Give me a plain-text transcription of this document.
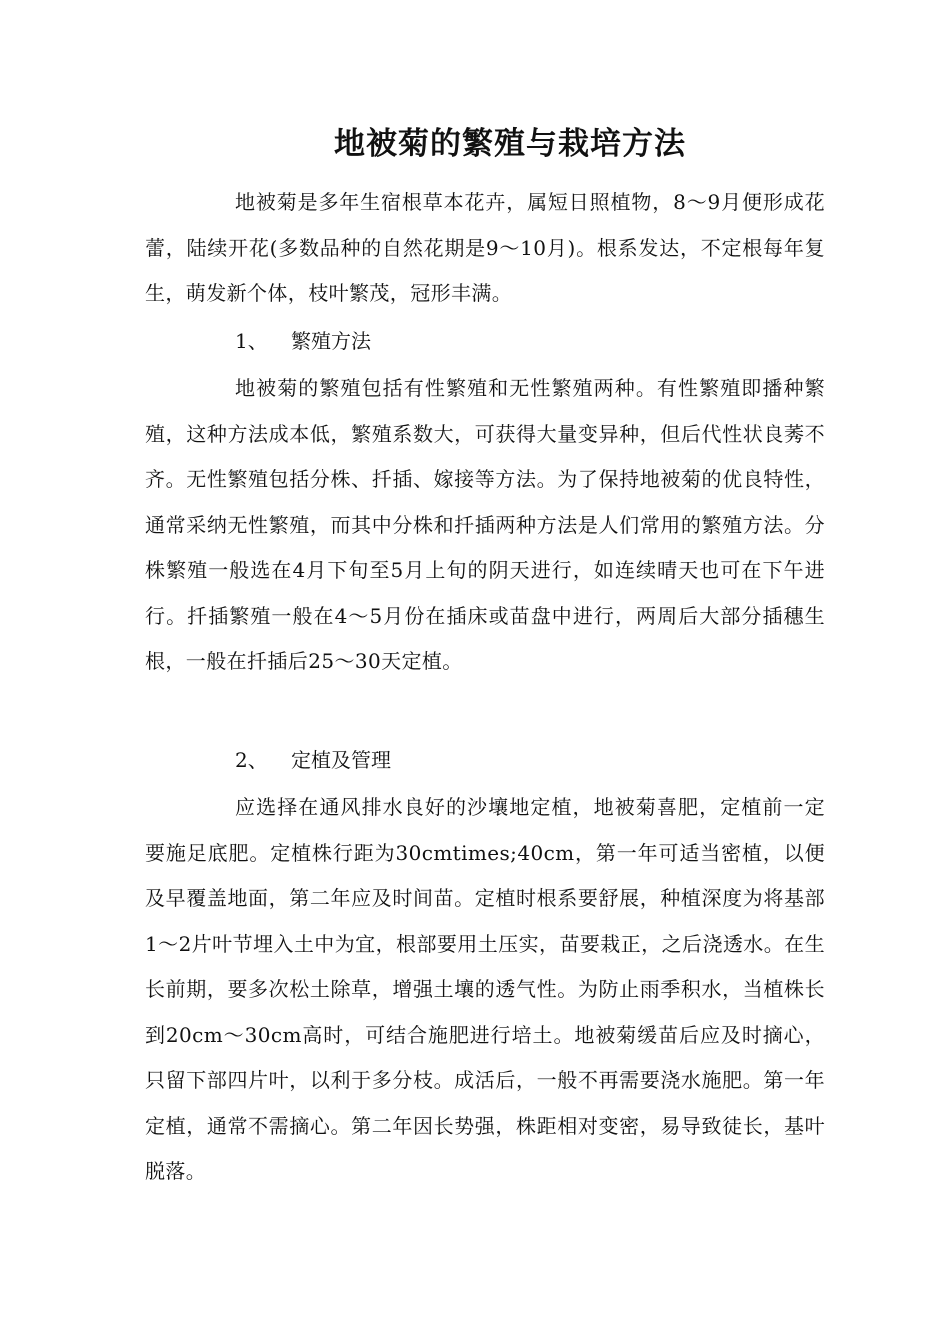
地被菊的繁殖与栽培方法

地被菊是多年生宿根草本花卉，属短日照植物，8～9月便形成花蕾，陆续开花(多数品种的自然花期是9～10月)。根系发达，不定根每年复生，萌发新个体，枝叶繁茂，冠形丰满。

1、 繁殖方法

地被菊的繁殖包括有性繁殖和无性繁殖两种。有性繁殖即播种繁殖，这种方法成本低，繁殖系数大，可获得大量变异种，但后代性状良莠不齐。无性繁殖包括分株、扦插、嫁接等方法。为了保持地被菊的优良特性，通常采纳无性繁殖，而其中分株和扦插两种方法是人们常用的繁殖方法。分株繁殖一般选在4月下旬至5月上旬的阴天进行，如连续晴天也可在下午进行。扦插繁殖一般在4～5月份在插床或苗盘中进行，两周后大部分插穗生根，一般在扦插后25～30天定植。

2、 定植及管理

应选择在通风排水良好的沙壤地定植，地被菊喜肥，定植前一定要施足底肥。定植株行距为30cmtimes;40cm，第一年可适当密植，以便及早覆盖地面，第二年应及时间苗。定植时根系要舒展，种植深度为将基部1～2片叶节埋入土中为宜，根部要用土压实，苗要栽正，之后浇透水。在生长前期，要多次松土除草，增强土壤的透气性。为防止雨季积水，当植株长到20cm～30cm高时，可结合施肥进行培土。地被菊缓苗后应及时摘心，只留下部四片叶，以利于多分枝。成活后，一般不再需要浇水施肥。第一年定植，通常不需摘心。第二年因长势强，株距相对变密，易导致徒长，基叶脱落。
